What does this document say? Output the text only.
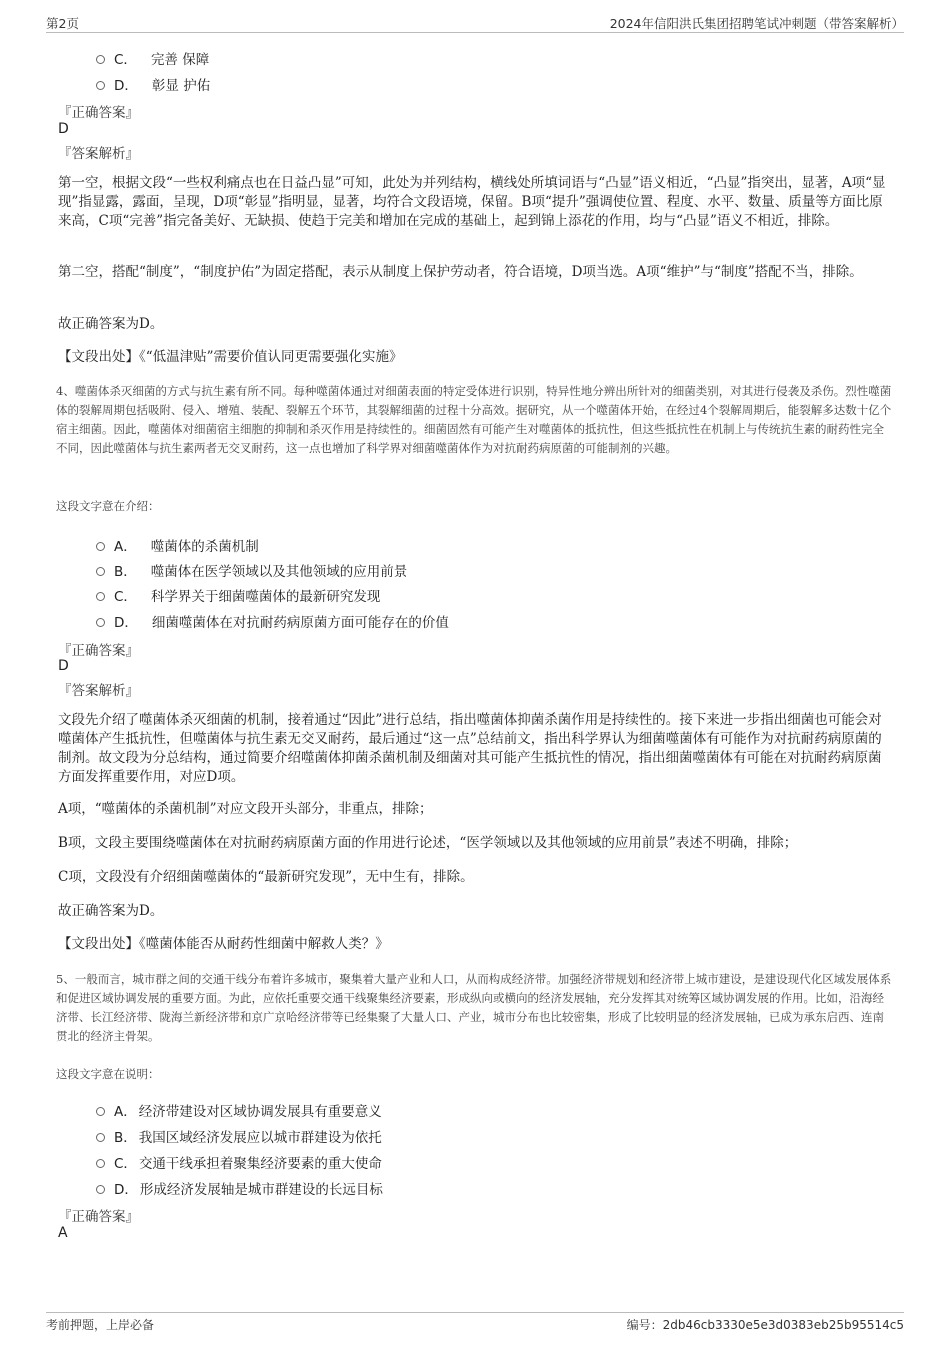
第2页	2024年信阳洪氏集团招聘笔试冲刺题（带答案解析）
C． 完善 保障
D． 彰显 护佑
『正确答案』
D
『答案解析』
第一空，根据文段“一些权利痛点也在日益凸显”可知，此处为并列结构，横线处所填词语与“凸显”语义相近，“凸显”指突出，显著，A项“显现”指显露，露面，呈现，D项“彰显”指明显，显著，均符合文段语境，保留。B项“提升”强调使位置、程度、水平、数量、质量等方面比原来高，C项“完善”指完备美好、无缺损、使趋于完美和增加在完成的基础上，起到锦上添花的作用，均与“凸显”语义不相近，排除。
第二空，搭配“制度”，“制度护佑”为固定搭配，表示从制度上保护劳动者，符合语境，D项当选。A项“维护”与“制度”搭配不当，排除。
故正确答案为D。
【文段出处】《“低温津贴”需要价值认同更需要强化实施》
4、噬菌体杀灭细菌的方式与抗生素有所不同。每种噬菌体通过对细菌表面的特定受体进行识别，特异性地分辨出所针对的细菌类别，对其进行侵袭及杀伤。烈性噬菌体的裂解周期包括吸附、侵入、增殖、装配、裂解五个环节，其裂解细菌的过程十分高效。据研究，从一个噬菌体开始，在经过4个裂解周期后，能裂解多达数十亿个宿主细菌。因此，噬菌体对细菌宿主细胞的抑制和杀灭作用是持续性的。细菌固然有可能产生对噬菌体的抵抗性，但这些抵抗性在机制上与传统抗生素的耐药性完全不同，因此噬菌体与抗生素两者无交叉耐药，这一点也增加了科学界对细菌噬菌体作为对抗耐药病原菌的可能制剂的兴趣。
这段文字意在介绍：
A． 噬菌体的杀菌机制
B． 噬菌体在医学领域以及其他领域的应用前景
C． 科学界关于细菌噬菌体的最新研究发现
D． 细菌噬菌体在对抗耐药病原菌方面可能存在的价值
『正确答案』
D
『答案解析』
文段先介绍了噬菌体杀灭细菌的机制，接着通过“因此”进行总结，指出噬菌体抑菌杀菌作用是持续性的。接下来进一步指出细菌也可能会对噬菌体产生抵抗性，但噬菌体与抗生素无交叉耐药，最后通过“这一点”总结前文，指出科学界认为细菌噬菌体有可能作为对抗耐药病原菌的制剂。故文段为分总结构，通过简要介绍噬菌体抑菌杀菌机制及细菌对其可能产生抵抗性的情况，指出细菌噬菌体有可能在对抗耐药病原菌方面发挥重要作用，对应D项。
A项，“噬菌体的杀菌机制”对应文段开头部分，非重点，排除；
B项，文段主要围绕噬菌体在对抗耐药病原菌方面的作用进行论述，“医学领域以及其他领域的应用前景”表述不明确，排除；
C项，文段没有介绍细菌噬菌体的“最新研究发现”，无中生有，排除。
故正确答案为D。
【文段出处】《噬菌体能否从耐药性细菌中解救人类？》
5、一般而言，城市群之间的交通干线分布着许多城市，聚集着大量产业和人口，从而构成经济带。加强经济带规划和经济带上城市建设，是建设现代化区域发展体系和促进区域协调发展的重要方面。为此，应依托重要交通干线聚集经济要素，形成纵向或横向的经济发展轴，充分发挥其对统筹区域协调发展的作用。比如，沿海经济带、长江经济带、陇海兰新经济带和京广京哈经济带等已经集聚了大量人口、产业，城市分布也比较密集，形成了比较明显的经济发展轴，已成为承东启西、连南贯北的经济主骨架。
这段文字意在说明：
A． 经济带建设对区域协调发展具有重要意义
B． 我国区域经济发展应以城市群建设为依托
C． 交通干线承担着聚集经济要素的重大使命
D． 形成经济发展轴是城市群建设的长远目标
『正确答案』
A
考前押题，上岸必备	编号：2db46cb3330e5e3d0383eb25b95514c5
